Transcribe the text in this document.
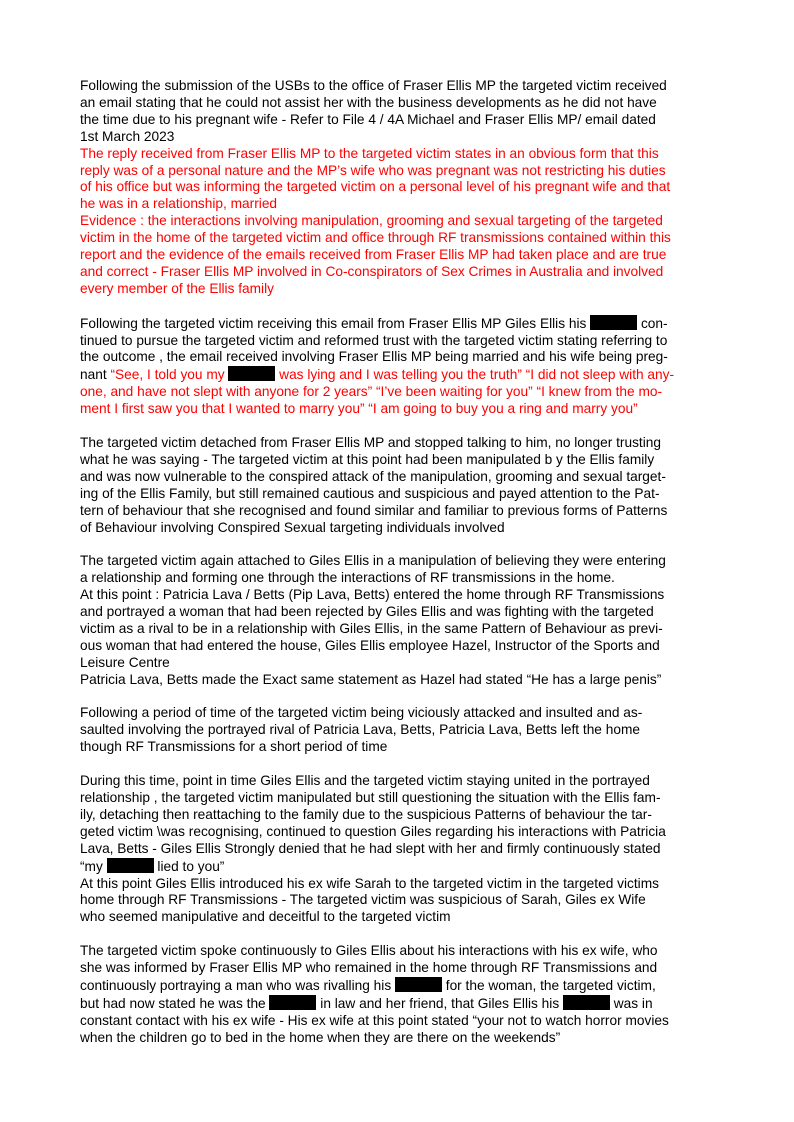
Following the submission of the USBs to the office of Fraser Ellis MP the targeted victim received
an email stating that he could not assist her with the business developments as he did not have
the time due to his pregnant wife - Refer to File 4 / 4A Michael and Fraser Ellis MP/ email dated
1st March 2023

The reply received from Fraser Ellis MP to the targeted victim states in an obvious form that this
reply was of a personal nature and the MP’s wife who was pregnant was not restricting his duties
of his office but was informing the targeted victim on a personal level of his pregnant wife and that
he was in a relationship, married

Evidence : the interactions involving manipulation, grooming and sexual targeting of the targeted
victim in the home of the targeted victim and office through RF transmissions contained within this
report and the evidence of the emails received from Fraser Ellis MP had taken place and are true
and correct - Fraser Ellis MP involved in Co-conspirators of Sex Crimes in Australia and involved
every member of the Ellis family

Following the targeted victim receiving this email from Fraser Ellis MP Giles Ellis his	con-
tinued to pursue the targeted victim and reformed trust with the targeted victim stating referring to
the outcome , the email received involving Fraser Ellis MP being married and his wife being preg-
nant “See, I told you my	was lying and I was telling you the truth” “I did not sleep with any-
one, and have not slept with anyone for 2 years” “I’ve been waiting for you” “I knew from the mo-
ment I first saw you that I wanted to marry you” “I am going to buy you a ring and marry you”

The targeted victim detached from Fraser Ellis MP and stopped talking to him, no longer trusting
what he was saying - The targeted victim at this point had been manipulated b y the Ellis family
and was now vulnerable to the conspired attack of the manipulation, grooming and sexual target-
ing of the Ellis Family, but still remained cautious and suspicious and payed attention to the Pat-
tern of behaviour that she recognised and found similar and familiar to previous forms of Patterns
of Behaviour involving Conspired Sexual targeting individuals involved

The targeted victim again attached to Giles Ellis in a manipulation of believing they were entering
a relationship and forming one through the interactions of RF transmissions in the home.
At this point : Patricia Lava / Betts (Pip Lava, Betts) entered the home through RF Transmissions
and portrayed a woman that had been rejected by Giles Ellis and was fighting with the targeted
victim as a rival to be in a relationship with Giles Ellis, in the same Pattern of Behaviour as previ-
ous woman that had entered the house, Giles Ellis employee Hazel, Instructor of the Sports and
Leisure Centre
Patricia Lava, Betts made the Exact same statement as Hazel had stated “He has a large penis”

Following a period of time of the targeted victim being viciously attacked and insulted and as-
saulted involving the portrayed rival of Patricia Lava, Betts, Patricia Lava, Betts left the home
though RF Transmissions for a short period of time

During this time, point in time Giles Ellis and the targeted victim staying united in the portrayed
relationship , the targeted victim manipulated but still questioning the situation with the Ellis fam-
ily, detaching then reattaching to the family due to the suspicious Patterns of behaviour the tar-
geted victim \was recognising, continued to question Giles regarding his interactions with Patricia
Lava, Betts - Giles Ellis Strongly denied that he had slept with her and firmly continuously stated
“my	lied to you”
At this point Giles Ellis introduced his ex wife Sarah to the targeted victim in the targeted victims
home through RF Transmissions - The targeted victim was suspicious of Sarah, Giles ex Wife
who seemed manipulative and deceitful to the targeted victim

The targeted victim spoke continuously to Giles Ellis about his interactions with his ex wife, who
she was informed by Fraser Ellis MP who remained in the home through RF Transmissions and
continuously portraying a man who was rivalling his	for the woman, the targeted victim,
but had now stated he was the	in law and her friend, that Giles Ellis his	was in
constant contact with his ex wife - His ex wife at this point stated “your not to watch horror movies
when the children go to bed in the home when they are there on the weekends”
